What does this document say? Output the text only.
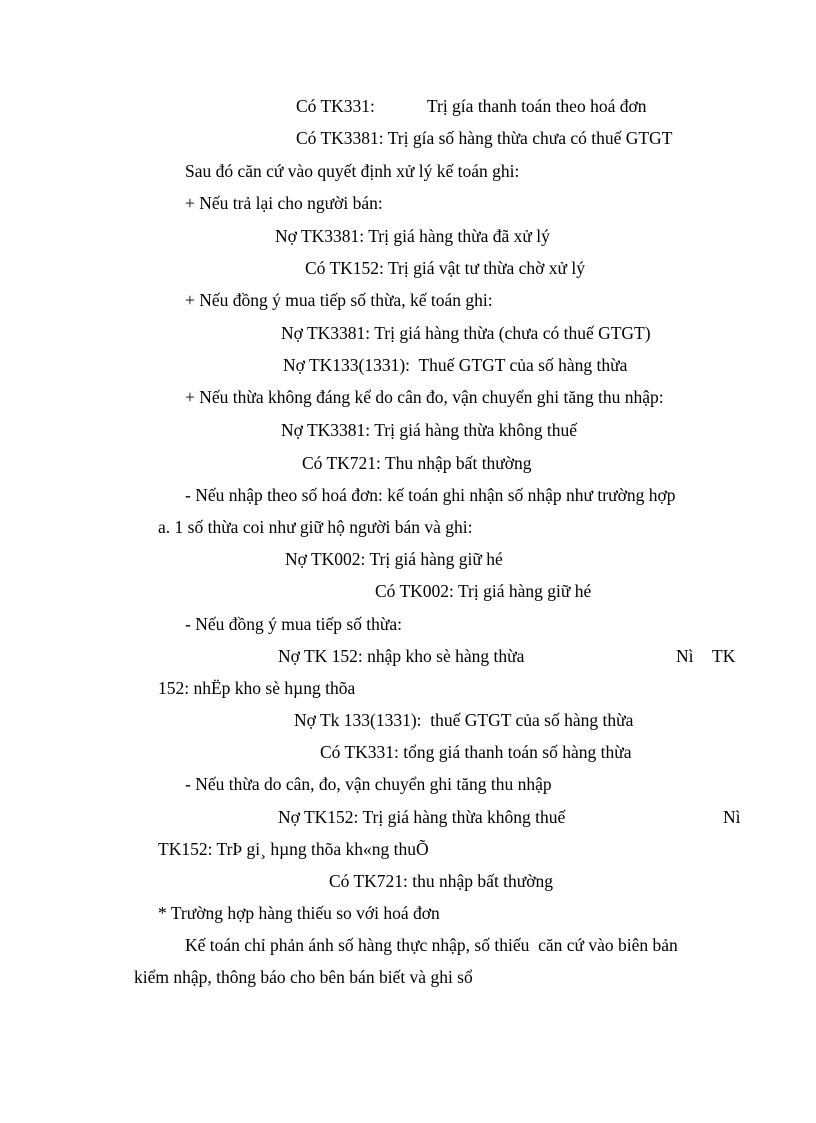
Có TK331:	Trị gía thanh toán theo hoá đơn
Có TK3381: Trị gía số hàng thừa chưa có thuế GTGT
Sau đó căn cứ vào quyết định xử lý kế toán ghi:
+ Nếu trả lại cho người bán:
Nợ TK3381: Trị giá hàng thừa đã xử lý
Có TK152: Trị giá vật tư thừa chờ xử lý
+ Nếu đồng ý mua tiếp số thừa, kế toán ghi:
Nợ TK3381: Trị giá hàng thừa (chưa có thuế GTGT)
Nợ TK133(1331):  Thuế GTGT của số hàng thừa
+ Nếu thừa không đáng kể do cân đo, vận chuyển ghi tăng thu nhập:
Nợ TK3381: Trị giá hàng thừa không thuế
Có TK721: Thu nhập bất thường
- Nếu nhập theo số hoá đơn: kế toán ghi nhận số nhập như trường hợp
a. 1 số thừa coi như giữ hộ người bán và ghi:
Nợ TK002: Trị giá hàng giữ hé
Có TK002: Trị giá hàng giữ hé
- Nếu đồng ý mua tiếp số thừa:
Nợ TK 152: nhập kho sè hàng thừa	Nì TK
152: nhËp kho sè hµng thõa
Nợ Tk 133(1331):  thuế GTGT của số hàng thừa
Có TK331: tổng giá thanh toán số hàng thừa
- Nếu thừa do cân, đo, vận chuyển ghi tăng thu nhập
Nợ TK152: Trị giá hàng thừa không thuế	Nì
TK152: TrÞ gi¸ hµng thõa kh«ng thuÕ
Có TK721: thu nhập bất thường
* Trường hợp hàng thiếu so với hoá đơn
Kế toán chỉ phản ánh số hàng thực nhập, số thiếu  căn cứ vào biên bản
kiểm nhập, thông báo cho bên bán biết và ghi sổ
